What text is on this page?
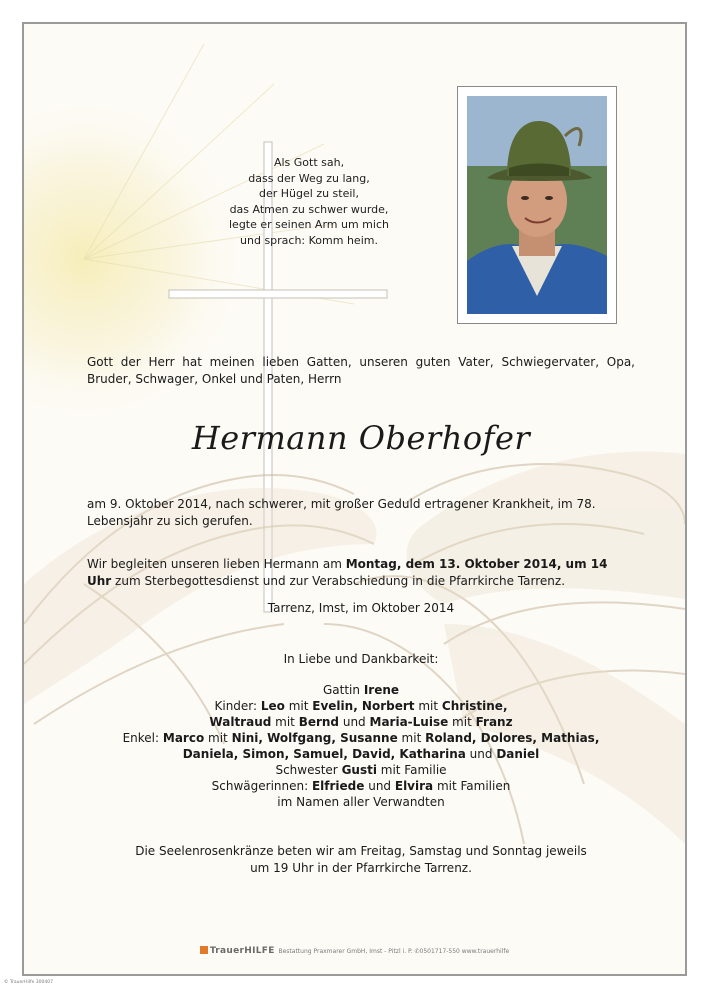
Als Gott sah,
dass der Weg zu lang,
der Hügel zu steil,
das Atmen zu schwer wurde,
legte er seinen Arm um mich
und sprach: Komm heim.
Gott der Herr hat meinen lieben Gatten, unseren guten Vater, Schwiegervater, Opa, Bruder, Schwager, Onkel und Paten, Herrn
Hermann Oberhofer
am 9. Oktober 2014, nach schwerer, mit großer Geduld ertragener Krankheit, im 78. Lebensjahr zu sich gerufen.
Wir begleiten unseren lieben Hermann am Montag, dem 13. Oktober 2014, um 14 Uhr zum Sterbegottesdienst und zur Verabschiedung in die Pfarrkirche Tarrenz.
Tarrenz, Imst, im Oktober 2014
In Liebe und Dankbarkeit:
Gattin Irene
Kinder: Leo mit Evelin, Norbert mit Christine,
Waltraud mit Bernd und Maria-Luise mit Franz
Enkel: Marco mit Nini, Wolfgang, Susanne mit Roland, Dolores, Mathias,
Daniela, Simon, Samuel, David, Katharina und Daniel
Schwester Gusti mit Familie
Schwägerinnen: Elfriede und Elvira mit Familien
im Namen aller Verwandten
Die Seelenrosenkränze beten wir am Freitag, Samstag und Sonntag jeweils
um 19 Uhr in der Pfarrkirche Tarrenz.
TrauerHILFE Bestattung Praxmarer GmbH, Imst - Pitzl i. P. ✆0501717-550 www.trauerhilfe
© TrauerHilfe 300407
